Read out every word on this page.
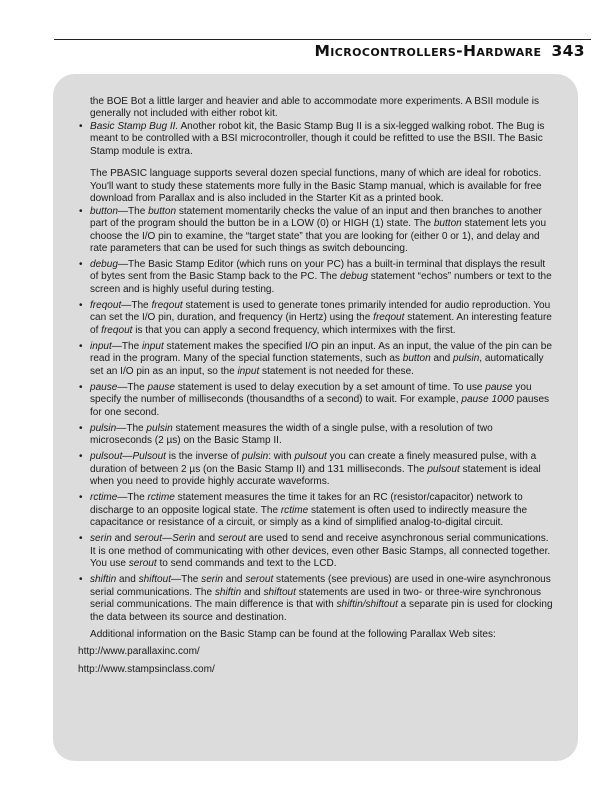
Microcontrollers-Hardware 343

the BOE Bot a little larger and heavier and able to accommodate more experiments. A BSII module is generally not included with either robot kit.

• Basic Stamp Bug II. Another robot kit, the Basic Stamp Bug II is a six-legged walking robot. The Bug is meant to be controlled with a BSI microcontroller, though it could be refitted to use the BSII. The Basic Stamp module is extra.

The PBASIC language supports several dozen special functions, many of which are ideal for robotics. You'll want to study these statements more fully in the Basic Stamp manual, which is available for free download from Parallax and is also included in the Starter Kit as a printed book.

• button—The button statement momentarily checks the value of an input and then branches to another part of the program should the button be in a LOW (0) or HIGH (1) state. The button statement lets you choose the I/O pin to examine, the “target state” that you are looking for (either 0 or 1), and delay and rate parameters that can be used for such things as switch debouncing.
• debug—The Basic Stamp Editor (which runs on your PC) has a built-in terminal that displays the result of bytes sent from the Basic Stamp back to the PC. The debug statement “echos” numbers or text to the screen and is highly useful during testing.
• freqout—The freqout statement is used to generate tones primarily intended for audio reproduction. You can set the I/O pin, duration, and frequency (in Hertz) using the freqout statement. An interesting feature of freqout is that you can apply a second frequency, which intermixes with the first.
• input—The input statement makes the specified I/O pin an input. As an input, the value of the pin can be read in the program. Many of the special function statements, such as button and pulsin, automatically set an I/O pin as an input, so the input statement is not needed for these.
• pause—The pause statement is used to delay execution by a set amount of time. To use pause you specify the number of milliseconds (thousandths of a second) to wait. For example, pause 1000 pauses for one second.
• pulsin—The pulsin statement measures the width of a single pulse, with a resolution of two microseconds (2 µs) on the Basic Stamp II.
• pulsout—Pulsout is the inverse of pulsin: with pulsout you can create a finely measured pulse, with a duration of between 2 µs (on the Basic Stamp II) and 131 milliseconds. The pulsout statement is ideal when you need to provide highly accurate waveforms.
• rctime—The rctime statement measures the time it takes for an RC (resistor/capacitor) network to discharge to an opposite logical state. The rctime statement is often used to indirectly measure the capacitance or resistance of a circuit, or simply as a kind of simplified analog-to-digital circuit.
• serin and serout—Serin and serout are used to send and receive asynchronous serial communications. It is one method of communicating with other devices, even other Basic Stamps, all connected together. You use serout to send commands and text to the LCD.
• shiftin and shiftout—The serin and serout statements (see previous) are used in one-wire asynchronous serial communications. The shiftin and shiftout statements are used in two- or three-wire synchronous serial communications. The main difference is that with shiftin/shiftout a separate pin is used for clocking the data between its source and destination.

Additional information on the Basic Stamp can be found at the following Parallax Web sites:

http://www.parallaxinc.com/
http://www.stampsinclass.com/
